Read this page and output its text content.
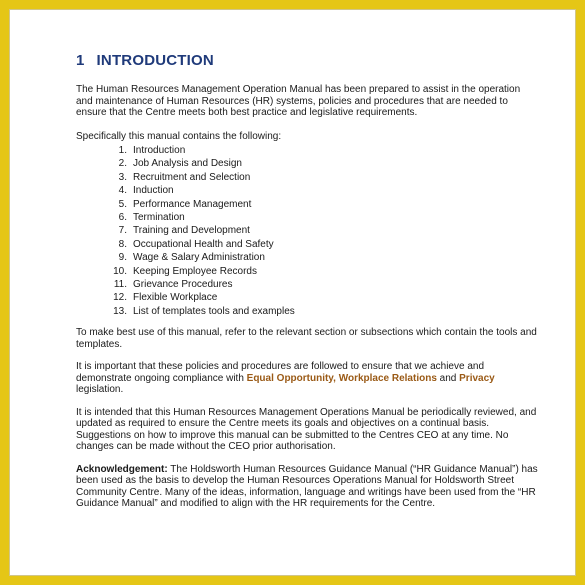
1 INTRODUCTION

The Human Resources Management Operation Manual has been prepared to assist in the operation and maintenance of Human Resources (HR) systems, policies and procedures that are needed to ensure that the Centre meets both best practice and legislative requirements.

Specifically this manual contains the following:

1 . Introduction
2 . Job Analysis and Design
3 . Recruitment and Selection
4 . Induction
5 . Performance Management
6 . Termination
7 . Training and Development
8 . Occupational Health and Safety
9 . Wage & Salary Administration
10 . Keeping Employee Records
11 . Grievance Procedures
12 . Flexible Workplace
13 . List of templates tools and examples

To make best use of this manual, refer to the relevant section or subsections which contain the tools and templates.

It is important that these policies and procedures are followed to ensure that we achieve and demonstrate ongoing compliance with Equal Opportunity, Workplace Relations and Privacy legislation.

It is intended that this Human Resources Management Operations Manual be periodically reviewed, and updated as required to ensure the Centre meets its goals and objectives on a continual basis. Suggestions on how to improve this manual can be submitted to the Centres CEO at any time. No changes can be made without the CEO prior authorisation.

Acknowledgement: The Holdsworth Human Resources Guidance Manual (“HR Guidance Manual”) has been used as the basis to develop the Human Resources Operations Manual for Holdsworth Street Community Centre. Many of the ideas, information, language and writings have been used from the “HR Guidance Manual” and modified to align with the HR requirements for the Centre.
